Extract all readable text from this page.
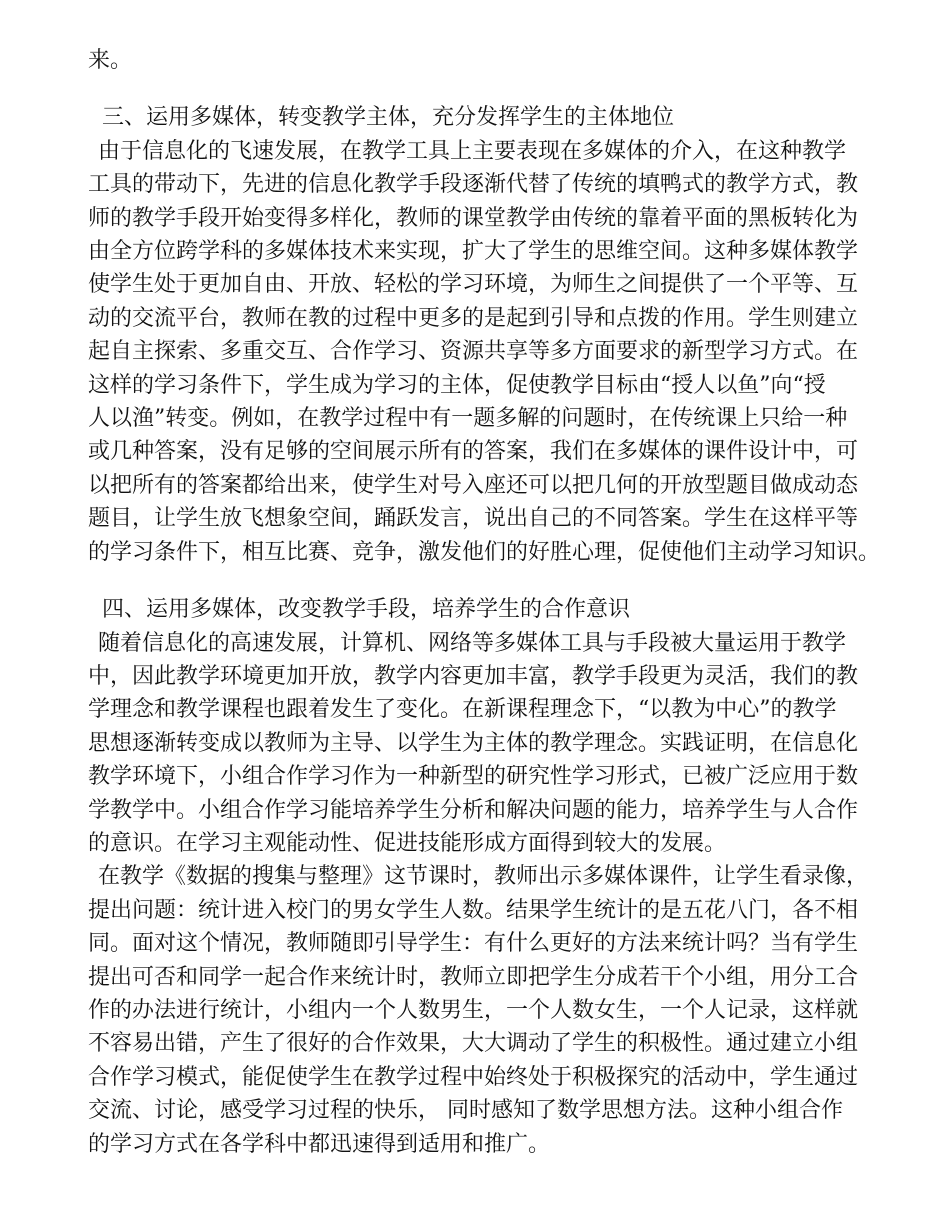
来。
三、运用多媒体，转变教学主体，充分发挥学生的主体地位
由于信息化的飞速发展，在教学工具上主要表现在多媒体的介入，在这种教学
工具的带动下，先进的信息化教学手段逐渐代替了传统的填鸭式的教学方式，教
师的教学手段开始变得多样化，教师的课堂教学由传统的靠着平面的黑板转化为
由全方位跨学科的多媒体技术来实现，扩大了学生的思维空间。这种多媒体教学
使学生处于更加自由、开放、轻松的学习环境，为师生之间提供了一个平等、互
动的交流平台，教师在教的过程中更多的是起到引导和点拨的作用。学生则建立
起自主探索、多重交互、合作学习、资源共享等多方面要求的新型学习方式。在
这样的学习条件下，学生成为学习的主体，促使教学目标由“授人以鱼”向“授
人以渔”转变。例如，在教学过程中有一题多解的问题时，在传统课上只给一种
或几种答案，没有足够的空间展示所有的答案，我们在多媒体的课件设计中，可
以把所有的答案都给出来，使学生对号入座还可以把几何的开放型题目做成动态
题目，让学生放飞想象空间，踊跃发言，说出自己的不同答案。学生在这样平等
的学习条件下，相互比赛、竞争，激发他们的好胜心理，促使他们主动学习知识。
四、运用多媒体，改变教学手段，培养学生的合作意识
随着信息化的高速发展，计算机、网络等多媒体工具与手段被大量运用于教学
中，因此教学环境更加开放，教学内容更加丰富，教学手段更为灵活，我们的教
学理念和教学课程也跟着发生了变化。在新课程理念下，“以教为中心”的教学
思想逐渐转变成以教师为主导、以学生为主体的教学理念。实践证明，在信息化
教学环境下，小组合作学习作为一种新型的研究性学习形式，已被广泛应用于数
学教学中。小组合作学习能培养学生分析和解决问题的能力，培养学生与人合作
的意识。在学习主观能动性、促进技能形成方面得到较大的发展。
在教学《数据的搜集与整理》这节课时，教师出示多媒体课件，让学生看录像，
提出问题：统计进入校门的男女学生人数。结果学生统计的是五花八门，各不相
同。面对这个情况，教师随即引导学生：有什么更好的方法来统计吗？当有学生
提出可否和同学一起合作来统计时，教师立即把学生分成若干个小组，用分工合
作的办法进行统计，小组内一个人数男生，一个人数女生，一个人记录，这样就
不容易出错，产生了很好的合作效果，大大调动了学生的积极性。通过建立小组
合作学习模式，能促使学生在教学过程中始终处于积极探究的活动中，学生通过
交流、讨论，感受学习过程的快乐， 同时感知了数学思想方法。这种小组合作
的学习方式在各学科中都迅速得到适用和推广。
